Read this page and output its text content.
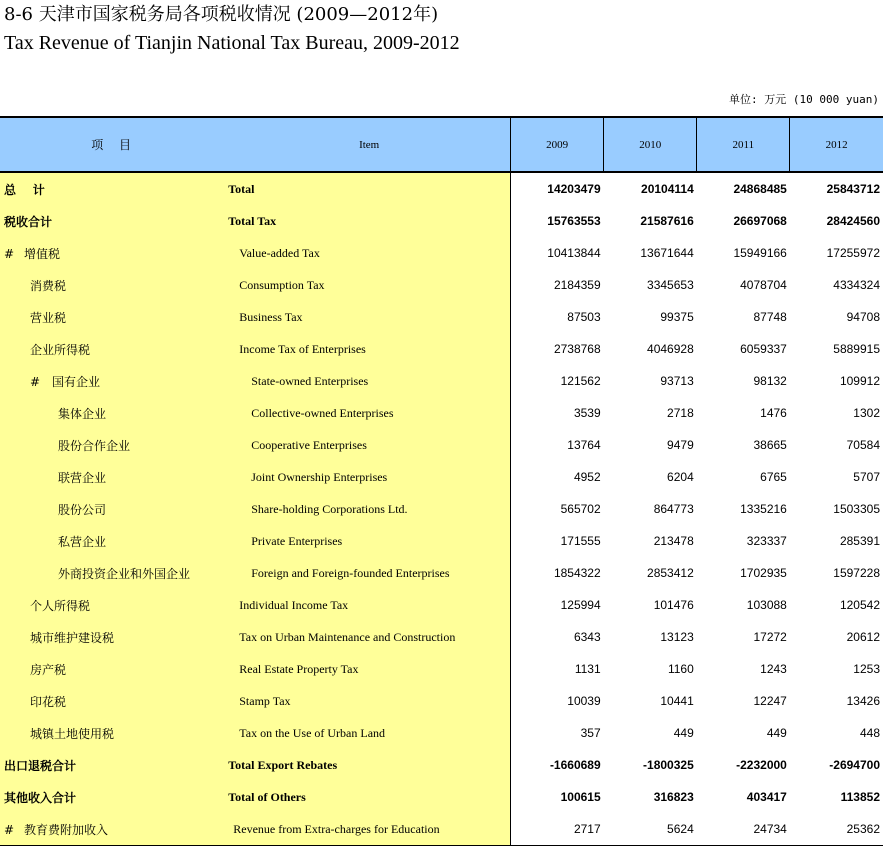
8-6 天津市国家税务局各项税收情况 (2009—2012年)
Tax Revenue of Tianjin National Tax Bureau, 2009-2012
单位: 万元 (10 000 yuan)
项 目	Item	2009	2010	2011	2012
总    计	Total	14203479	20104114	24868485	25843712
税收合计	Total Tax	15763553	21587616	26697068	28424560
# 增值税	Value-added Tax	10413844	13671644	15949166	17255972
消费税	Consumption Tax	2184359	3345653	4078704	4334324
营业税	Business Tax	87503	99375	87748	94708
企业所得税	Income Tax of Enterprises	2738768	4046928	6059337	5889915
# 国有企业	State-owned Enterprises	121562	93713	98132	109912
集体企业	Collective-owned Enterprises	3539	2718	1476	1302
股份合作企业	Cooperative Enterprises	13764	9479	38665	70584
联营企业	Joint Ownership Enterprises	4952	6204	6765	5707
股份公司	Share-holding Corporations Ltd.	565702	864773	1335216	1503305
私营企业	Private Enterprises	171555	213478	323337	285391
外商投资企业和外国企业	Foreign and Foreign-founded Enterprises	1854322	2853412	1702935	1597228
个人所得税	Individual Income Tax	125994	101476	103088	120542
城市维护建设税	Tax on Urban Maintenance and Construction	6343	13123	17272	20612
房产税	Real Estate Property Tax	1131	1160	1243	1253
印花税	Stamp Tax	10039	10441	12247	13426
城镇土地使用税	Tax on the Use of Urban Land	357	449	449	448
出口退税合计	Total Export Rebates	-1660689	-1800325	-2232000	-2694700
其他收入合计	Total of Others	100615	316823	403417	113852
# 教育费附加收入	Revenue from Extra-charges for Education	2717	5624	24734	25362
